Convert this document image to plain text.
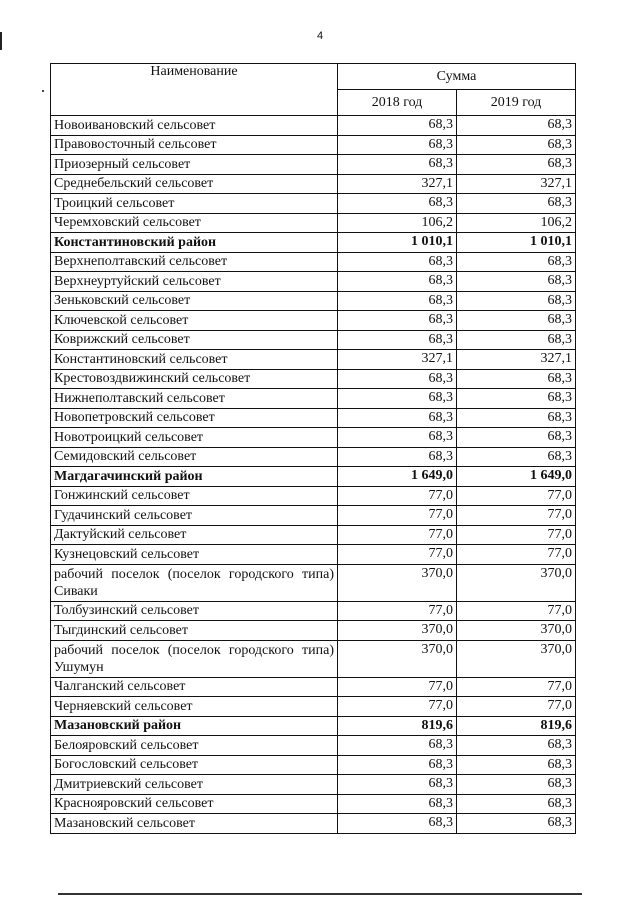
4
Наименование	Сумма	
	2018 год	2019 год
Новоивановский сельсовет	68,3	68,3
Правовосточный сельсовет	68,3	68,3
Приозерный сельсовет	68,3	68,3
Среднебельский сельсовет	327,1	327,1
Троицкий сельсовет	68,3	68,3
Черемховский сельсовет	106,2	106,2
Константиновский район	1 010,1	1 010,1
Верхнеполтавский сельсовет	68,3	68,3
Верхнеуртуйский сельсовет	68,3	68,3
Зеньковский сельсовет	68,3	68,3
Ключевской сельсовет	68,3	68,3
Коврижский сельсовет	68,3	68,3
Константиновский сельсовет	327,1	327,1
Крестовоздвижинский сельсовет	68,3	68,3
Нижнеполтавский сельсовет	68,3	68,3
Новопетровский сельсовет	68,3	68,3
Новотроицкий сельсовет	68,3	68,3
Семидовский сельсовет	68,3	68,3
Магдагачинский район	1 649,0	1 649,0
Гонжинский сельсовет	77,0	77,0
Гудачинский сельсовет	77,0	77,0
Дактуйский сельсовет	77,0	77,0
Кузнецовский сельсовет	77,0	77,0
рабочий поселок (поселок городского типа) Сиваки	370,0	370,0
Толбузинский сельсовет	77,0	77,0
Тыгдинский сельсовет	370,0	370,0
рабочий поселок (поселок городского типа) Ушумун	370,0	370,0
Чалганский сельсовет	77,0	77,0
Черняевский сельсовет	77,0	77,0
Мазановский район	819,6	819,6
Белояровский сельсовет	68,3	68,3
Богословский сельсовет	68,3	68,3
Дмитриевский сельсовет	68,3	68,3
Краснояровский сельсовет	68,3	68,3
Мазановский сельсовет	68,3	68,3
